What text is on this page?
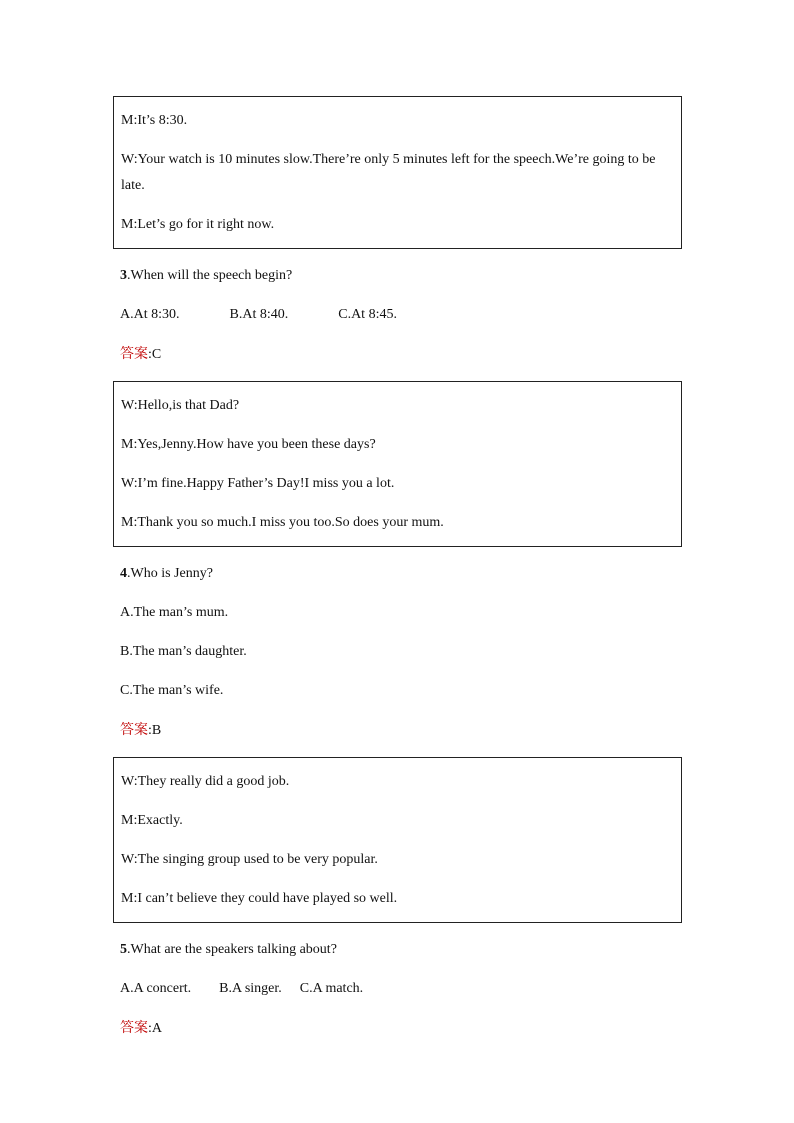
M:It’s 8:30.

W:Your watch is 10 minutes slow.There’re only 5 minutes left for the speech.We’re going to be late.

M:Let’s go for it right now.

3.When will the speech begin?
A.At 8:30.	B.At 8:40.	C.At 8:45.
答案:C

W:Hello,is that Dad?

M:Yes,Jenny.How have you been these days?

W:I’m fine.Happy Father’s Day!I miss you a lot.

M:Thank you so much.I miss you too.So does your mum.

4.Who is Jenny?
A.The man’s mum.
B.The man’s daughter.
C.The man’s wife.
答案:B

W:They really did a good job.

M:Exactly.

W:The singing group used to be very popular.

M:I can’t believe they could have played so well.

5.What are the speakers talking about?
A.A concert. B.A singer. C.A match.
答案:A
